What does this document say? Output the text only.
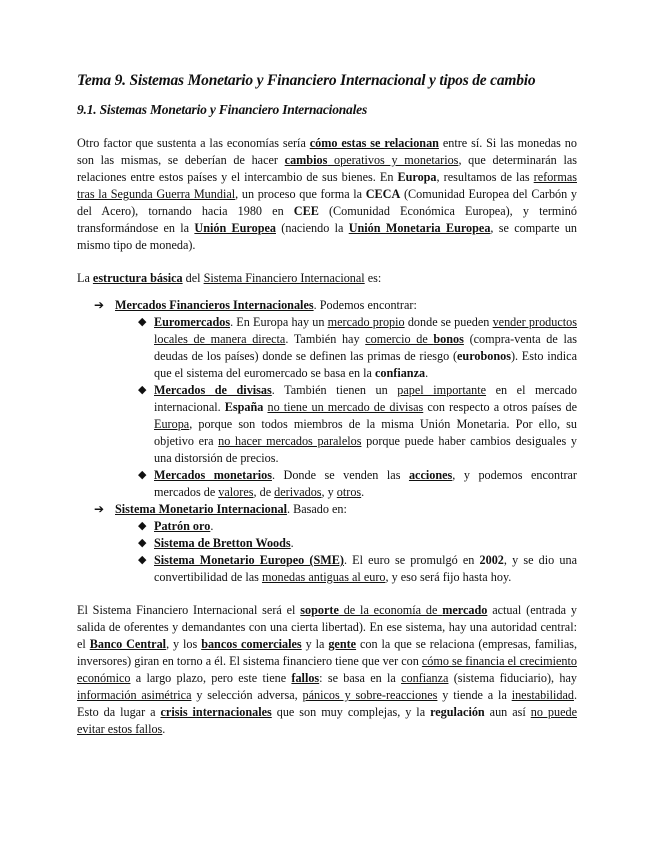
Tema 9. Sistemas Monetario y Financiero Internacional y tipos de cambio
9.1. Sistemas Monetario y Financiero Internacionales

Otro factor que sustenta a las economías sería cómo estas se relacionan entre sí. Si las monedas no son las mismas, se deberían de hacer cambios operativos y monetarios, que determinarán las relaciones entre estos países y el intercambio de sus bienes. En Europa, resultamos de las reformas tras la Segunda Guerra Mundial, un proceso que forma la CECA (Comunidad Europea del Carbón y del Acero), tornando hacia 1980 en CEE (Comunidad Económica Europea), y terminó transformándose en la Unión Europea (naciendo la Unión Monetaria Europea, se comparte un mismo tipo de moneda).

La estructura básica del Sistema Financiero Internacional es:

➔ Mercados Financieros Internacionales. Podemos encontrar:
◆ Euromercados. En Europa hay un mercado propio donde se pueden vender productos locales de manera directa. También hay comercio de bonos (compra-venta de las deudas de los países) donde se definen las primas de riesgo (eurobonos). Esto indica que el sistema del euromercado se basa en la confianza.
◆ Mercados de divisas. También tienen un papel importante en el mercado internacional. España no tiene un mercado de divisas con respecto a otros países de Europa, porque son todos miembros de la misma Unión Monetaria. Por ello, su objetivo era no hacer mercados paralelos porque puede haber cambios desiguales y una distorsión de precios.
◆ Mercados monetarios. Donde se venden las acciones, y podemos encontrar mercados de valores, de derivados, y otros.
➔ Sistema Monetario Internacional. Basado en:
◆ Patrón oro.
◆ Sistema de Bretton Woods.
◆ Sistema Monetario Europeo (SME). El euro se promulgó en 2002, y se dio una convertibilidad de las monedas antiguas al euro, y eso será fijo hasta hoy.

El Sistema Financiero Internacional será el soporte de la economía de mercado actual (entrada y salida de oferentes y demandantes con una cierta libertad). En ese sistema, hay una autoridad central: el Banco Central, y los bancos comerciales y la gente con la que se relaciona (empresas, familias, inversores) giran en torno a él. El sistema financiero tiene que ver con cómo se financia el crecimiento económico a largo plazo, pero este tiene fallos: se basa en la confianza (sistema fiduciario), hay información asimétrica y selección adversa, pánicos y sobre-reacciones y tiende a la inestabilidad. Esto da lugar a crisis internacionales que son muy complejas, y la regulación aun así no puede evitar estos fallos.
